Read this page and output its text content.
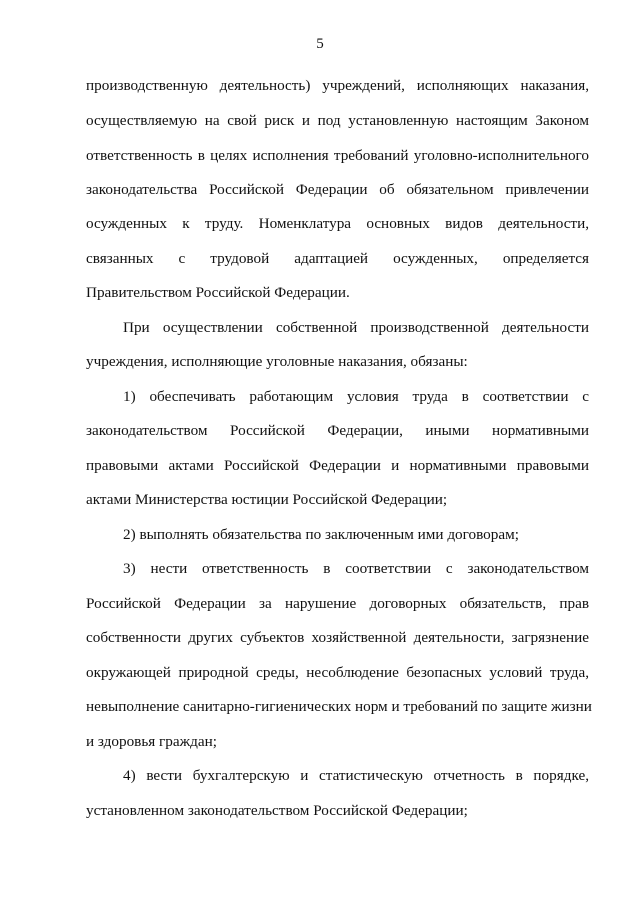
5
производственную деятельность) учреждений, исполняющих наказания,
осуществляемую на свой риск и под установленную настоящим Законом
ответственность в целях исполнения требований уголовно-исполнительного
законодательства Российской Федерации об обязательном привлечении
осужденных к труду. Номенклатура основных видов деятельности,
связанных с трудовой адаптацией осужденных, определяется
Правительством Российской Федерации.
При осуществлении собственной производственной деятельности
учреждения, исполняющие уголовные наказания, обязаны:
1) обеспечивать работающим условия труда в соответствии с
законодательством Российской Федерации, иными нормативными
правовыми актами Российской Федерации и нормативными правовыми
актами Министерства юстиции Российской Федерации;
2) выполнять обязательства по заключенным ими договорам;
3) нести ответственность в соответствии с законодательством
Российской Федерации за нарушение договорных обязательств, прав
собственности других субъектов хозяйственной деятельности, загрязнение
окружающей природной среды, несоблюдение безопасных условий труда,
невыполнение санитарно-гигиенических норм и требований по защите жизни
и здоровья граждан;
4) вести бухгалтерскую и статистическую отчетность в порядке,
установленном законодательством Российской Федерации;
